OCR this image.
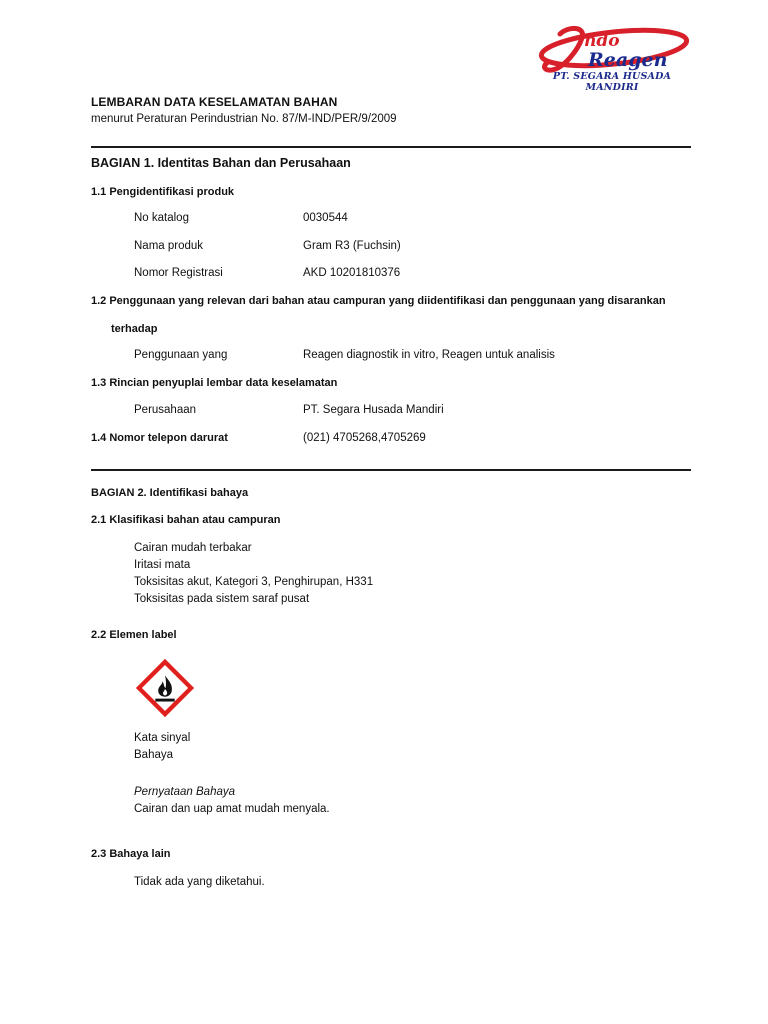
ndo
Reagen
PT. SEGARA HUSADA MANDIRI
LEMBARAN DATA KESELAMATAN BAHAN
menurut Peraturan Perindustrian No. 87/M-IND/PER/9/2009
BAGIAN 1. Identitas Bahan dan Perusahaan
1.1 Pengidentifikasi produk
No katalog	0030544
Nama produk	Gram R3 (Fuchsin)
Nomor Registrasi	AKD 10201810376
1.2 Penggunaan yang relevan dari bahan atau campuran yang diidentifikasi dan penggunaan yang disarankan
terhadap
Penggunaan yang	Reagen diagnostik in vitro, Reagen untuk analisis
1.3 Rincian penyuplai lembar data keselamatan
Perusahaan	PT. Segara Husada Mandiri
1.4 Nomor telepon darurat	(021) 4705268,4705269
BAGIAN 2. Identifikasi bahaya
2.1 Klasifikasi bahan atau campuran
Cairan mudah terbakar
Iritasi mata
Toksisitas akut, Kategori 3, Penghirupan, H331
Toksisitas pada sistem saraf pusat
2.2 Elemen label
Kata sinyal
Bahaya
Pernyataan Bahaya
Cairan dan uap amat mudah menyala.
2.3 Bahaya lain
Tidak ada yang diketahui.
